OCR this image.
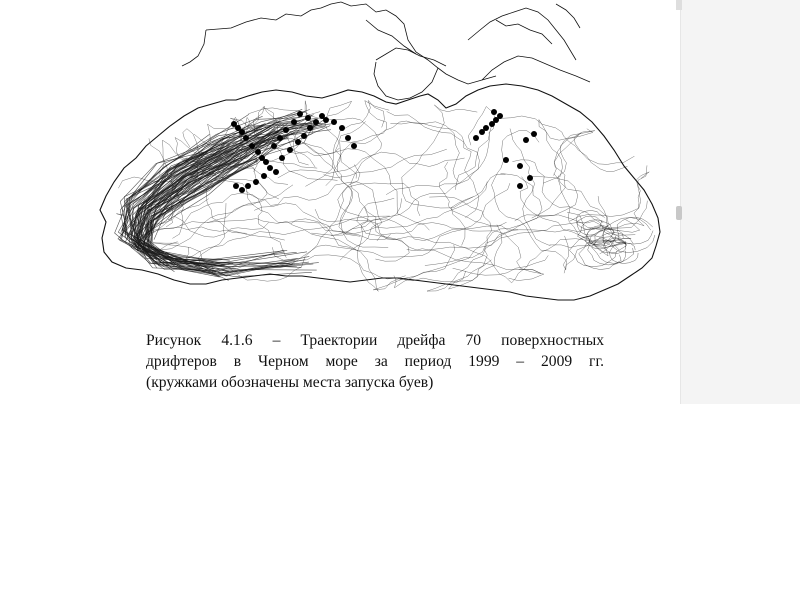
Рисунок 4.1.6 – Траектории дрейфа 70 поверхностных
дрифтеров в Черном море за период 1999 – 2009 гг.
(кружками обозначены места запуска буев)
